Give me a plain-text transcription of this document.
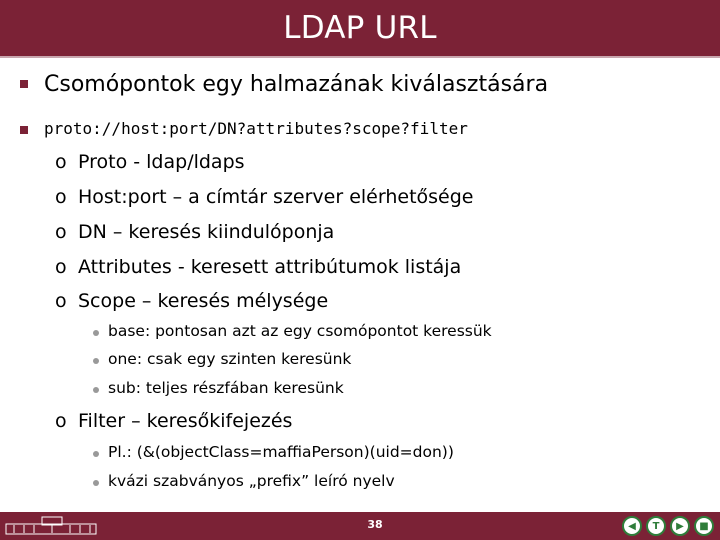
LDAP URL
Csomópontok egy halmazának kiválasztására
proto://host:port/DN?attributes?scope?filter
o Proto - ldap/ldaps
o Host:port – a címtár szerver elérhetősége
o DN – keresés kiindulóponja
o Attributes - keresett attribútumok listája
o Scope – keresés mélysége
base: pontosan azt az egy csomópontot keressük
one: csak egy szinten keresünk
sub: teljes részfában keresünk
o Filter – keresőkifejezés
Pl.: (&(objectClass=maffiaPerson)(uid=don))
kvázi szabványos „prefix” leíró nyelv
38	◀	T	▶	■
